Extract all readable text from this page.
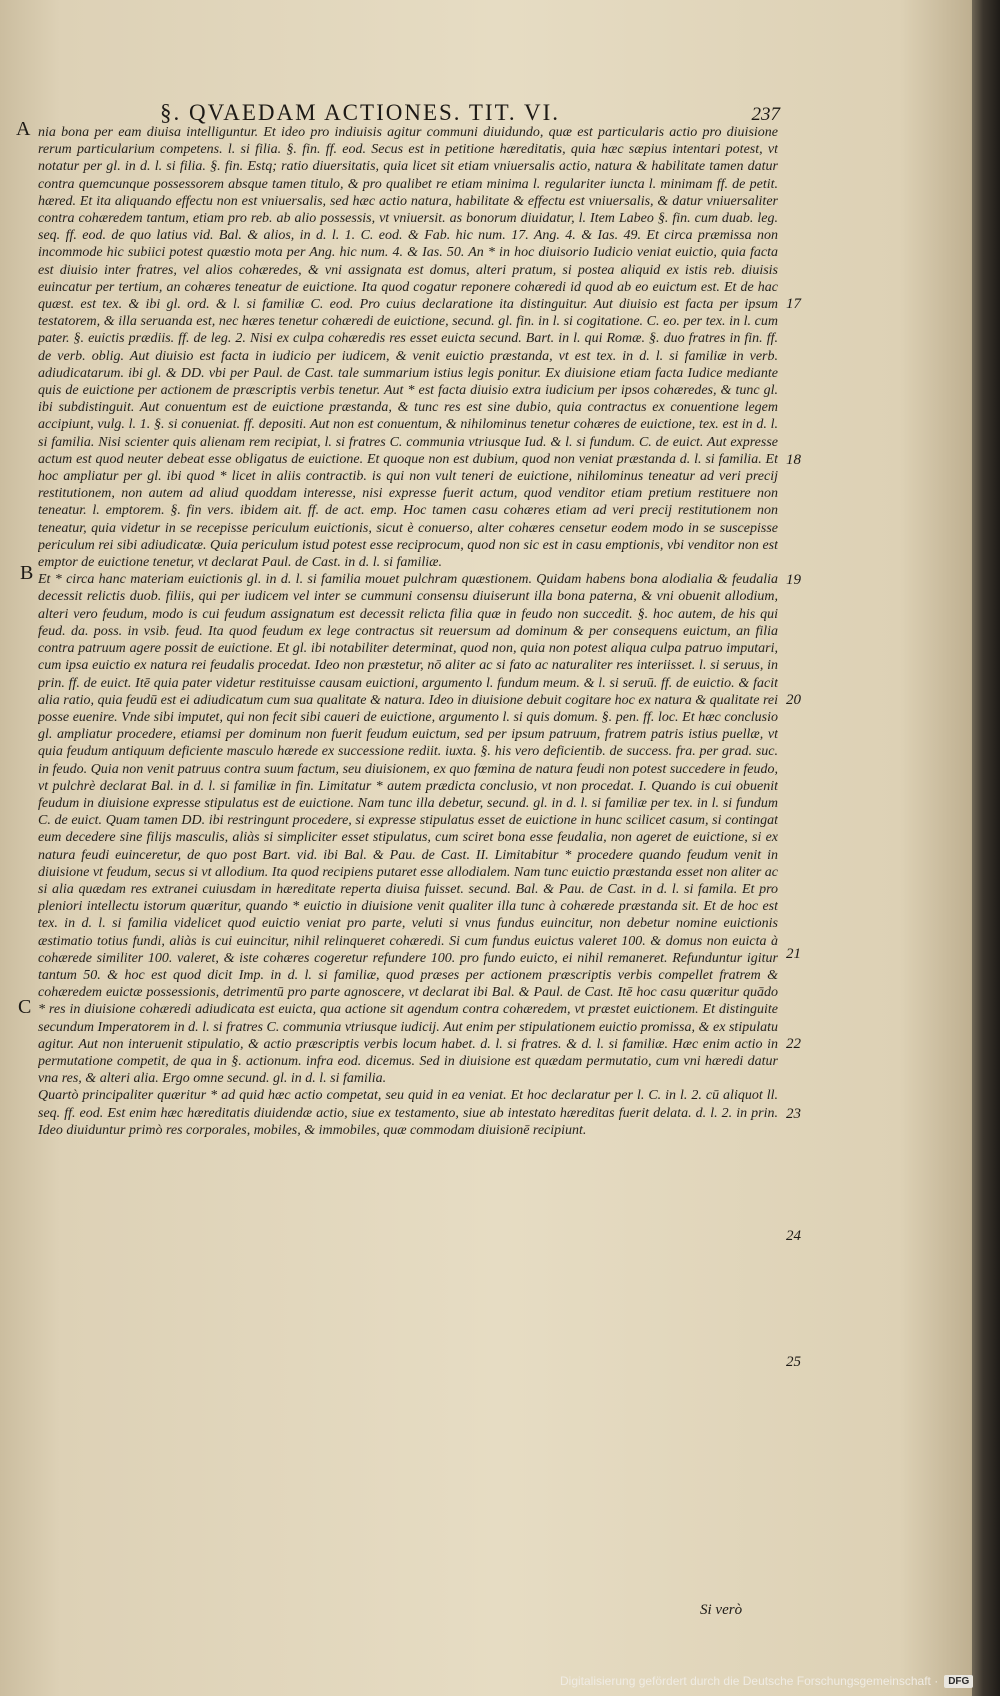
§. QVAEDAM ACTIONES. TIT. VI.	237
A
B
C
17
18
19
20
21
22
23
24
25

nia bona per eam diuisa intelliguntur. Et ideo pro indiuisis agitur communi diuidundo, quæ est particularis actio pro diuisione rerum particularium competens. l. si filia. §. fin. ff. eod. Secus est in petitione hæreditatis, quia hæc sæpius intentari potest, vt notatur per gl. in d. l. si filia. §. fin. Estq; ratio diuersitatis, quia licet sit etiam vniuersalis actio, natura & habilitate tamen datur contra quemcunque possessorem absque tamen titulo, & pro qualibet re etiam minima l. regulariter iuncta l. minimam ff. de petit. hæred. Et ita aliquando effectu non est vniuersalis, sed hæc actio natura, habilitate & effectu est vniuersalis, & datur vniuersaliter contra cohæredem tantum, etiam pro reb. ab alio possessis, vt vniuersit. as bonorum diuidatur, l. Item Labeo §. fin. cum duab. leg. seq. ff. eod. de quo latius vid. Bal. & alios, in d. l. 1. C. eod. & Fab. hic num. 17. Ang. 4. & Ias. 49. Et circa præmissa non incommode hic subiici potest quæstio mota per Ang. hic num. 4. & Ias. 50. An * in hoc diuisorio Iudicio veniat euictio, quia facta est diuisio inter fratres, vel alios cohæredes, & vni assignata est domus, alteri pratum, si postea aliquid ex istis reb. diuisis euincatur per tertium, an cohæres teneatur de euictione. Ita quod cogatur reponere cohæredi id quod ab eo euictum est. Et de hac quæst. est tex. & ibi gl. ord. & l. si familiæ C. eod. Pro cuius declaratione ita distinguitur. Aut diuisio est facta per ipsum testatorem, & illa seruanda est, nec hæres tenetur cohæredi de euictione, secund. gl. fin. in l. si cogitatione. C. eo. per tex. in l. cum pater. §. euictis prædiis. ff. de leg. 2. Nisi ex culpa cohæredis res esset euicta secund. Bart. in l. qui Romæ. §. duo fratres in fin. ff. de verb. oblig. Aut diuisio est facta in iudicio per iudicem, & venit euictio præstanda, vt est tex. in d. l. si familiæ in verb. adiudicatarum. ibi gl. & DD. vbi per Paul. de Cast. tale summarium istius legis ponitur. Ex diuisione etiam facta Iudice mediante quis de euictione per actionem de præscriptis verbis tenetur. Aut * est facta diuisio extra iudicium per ipsos cohæredes, & tunc gl. ibi subdistinguit. Aut conuentum est de euictione præstanda, & tunc res est sine dubio, quia contractus ex conuentione legem accipiunt, vulg. l. 1. §. si conueniat. ff. depositi. Aut non est conuentum, & nihilominus tenetur cohæres de euictione, tex. est in d. l. si familia. Nisi scienter quis alienam rem recipiat, l. si fratres C. communia vtriusque Iud. & l. si fundum. C. de euict. Aut expresse actum est quod neuter debeat esse obligatus de euictione. Et quoque non est dubium, quod non veniat præstanda d. l. si familia. Et hoc ampliatur per gl. ibi quod * licet in aliis contractib. is qui non vult teneri de euictione, nihilominus teneatur ad veri precij restitutionem, non autem ad aliud quoddam interesse, nisi expresse fuerit actum, quod venditor etiam pretium restituere non teneatur. l. emptorem. §. fin vers. ibidem ait. ff. de act. emp. Hoc tamen casu cohæres etiam ad veri precij restitutionem non teneatur, quia videtur in se recepisse periculum euictionis, sicut è conuerso, alter cohæres censetur eodem modo in se suscepisse periculum rei sibi adiudicatæ. Quia periculum istud potest esse reciprocum, quod non sic est in casu emptionis, vbi venditor non est emptor de euictione tenetur, vt declarat Paul. de Cast. in d. l. si familiæ.

Et * circa hanc materiam euictionis gl. in d. l. si familia mouet pulchram quæstionem. Quidam habens bona alodialia & feudalia decessit relictis duob. filiis, qui per iudicem vel inter se cummuni consensu diuiserunt illa bona paterna, & vni obuenit allodium, alteri vero feudum, modo is cui feudum assignatum est decessit relicta filia quæ in feudo non succedit. §. hoc autem, de his qui feud. da. poss. in vsib. feud. Ita quod feudum ex lege contractus sit reuersum ad dominum & per consequens euictum, an filia contra patruum agere possit de euictione. Et gl. ibi notabiliter determinat, quod non, quia non potest aliqua culpa patruo imputari, cum ipsa euictio ex natura rei feudalis procedat. Ideo non præstetur, nō aliter ac si fato ac naturaliter res interiisset. l. si seruus, in prin. ff. de euict. Itē quia pater videtur restituisse causam euictioni, argumento l. fundum meum. & l. si seruū. ff. de euictio. & facit alia ratio, quia feudū est ei adiudicatum cum sua qualitate & natura. Ideo in diuisione debuit cogitare hoc ex natura & qualitate rei posse euenire. Vnde sibi imputet, qui non fecit sibi caueri de euictione, argumento l. si quis domum. §. pen. ff. loc. Et hæc conclusio gl. ampliatur procedere, etiamsi per dominum non fuerit feudum euictum, sed per ipsum patruum, fratrem patris istius puellæ, vt quia feudum antiquum deficiente masculo hærede ex successione rediit. iuxta. §. his vero deficientib. de success. fra. per grad. suc. in feudo. Quia non venit patruus contra suum factum, seu diuisionem, ex quo fœmina de natura feudi non potest succedere in feudo, vt pulchrè declarat Bal. in d. l. si familiæ in fin. Limitatur * autem prædicta conclusio, vt non procedat. I. Quando is cui obuenit feudum in diuisione expresse stipulatus est de euictione. Nam tunc illa debetur, secund. gl. in d. l. si familiæ per tex. in l. si fundum C. de euict. Quam tamen DD. ibi restringunt procedere, si expresse stipulatus esset de euictione in hunc scilicet casum, si contingat eum decedere sine filijs masculis, aliàs si simpliciter esset stipulatus, cum sciret bona esse feudalia, non ageret de euictione, si ex natura feudi euinceretur, de quo post Bart. vid. ibi Bal. & Pau. de Cast. II. Limitabitur * procedere quando feudum venit in diuisione vt feudum, secus si vt allodium. Ita quod recipiens putaret esse allodialem. Nam tunc euictio præstanda esset non aliter ac si alia quædam res extranei cuiusdam in hæreditate reperta diuisa fuisset. secund. Bal. & Pau. de Cast. in d. l. si famila. Et pro pleniori intellectu istorum quæritur, quando * euictio in diuisione venit qualiter illa tunc à cohærede præstanda sit. Et de hoc est tex. in d. l. si familia videlicet quod euictio veniat pro parte, veluti si vnus fundus euincitur, non debetur nomine euictionis æstimatio totius fundi, aliàs is cui euincitur, nihil relinqueret cohæredi. Si cum fundus euictus valeret 100. & domus non euicta à cohærede similiter 100. valeret, & iste cohæres cogeretur refundere 100. pro fundo euicto, ei nihil remaneret. Refunduntur igitur tantum 50. & hoc est quod dicit Imp. in d. l. si familiæ, quod præses per actionem præscriptis verbis compellet fratrem & cohæredem euictæ possessionis, detrimentū pro parte agnoscere, vt declarat ibi Bal. & Paul. de Cast. Itē hoc casu quæritur quādo * res in diuisione cohæredi adiudicata est euicta, qua actione sit agendum contra cohæredem, vt præstet euictionem. Et distinguite secundum Imperatorem in d. l. si fratres C. communia vtriusque iudicij. Aut enim per stipulationem euictio promissa, & ex stipulatu agitur. Aut non interuenit stipulatio, & actio præscriptis verbis locum habet. d. l. si fratres. & d. l. si familiæ. Hæc enim actio in permutatione competit, de qua in §. actionum. infra eod. dicemus. Sed in diuisione est quædam permutatio, cum vni hæredi datur vna res, & alteri alia. Ergo omne secund. gl. in d. l. si familia.

Quartò principaliter quæritur * ad quid hæc actio competat, seu quid in ea veniat. Et hoc declaratur per l. C. in l. 2. cū aliquot ll. seq. ff. eod. Est enim hæc hæreditatis diuidendæ actio, siue ex testamento, siue ab intestato hæreditas fuerit delata. d. l. 2. in prin. Ideo diuiduntur primò res corporales, mobiles, & immobiles, quæ commodam diuisionē recipiunt.

Si verò
Digitalisierung gefördert durch die Deutsche Forschungsgemeinschaft ·	DFG
